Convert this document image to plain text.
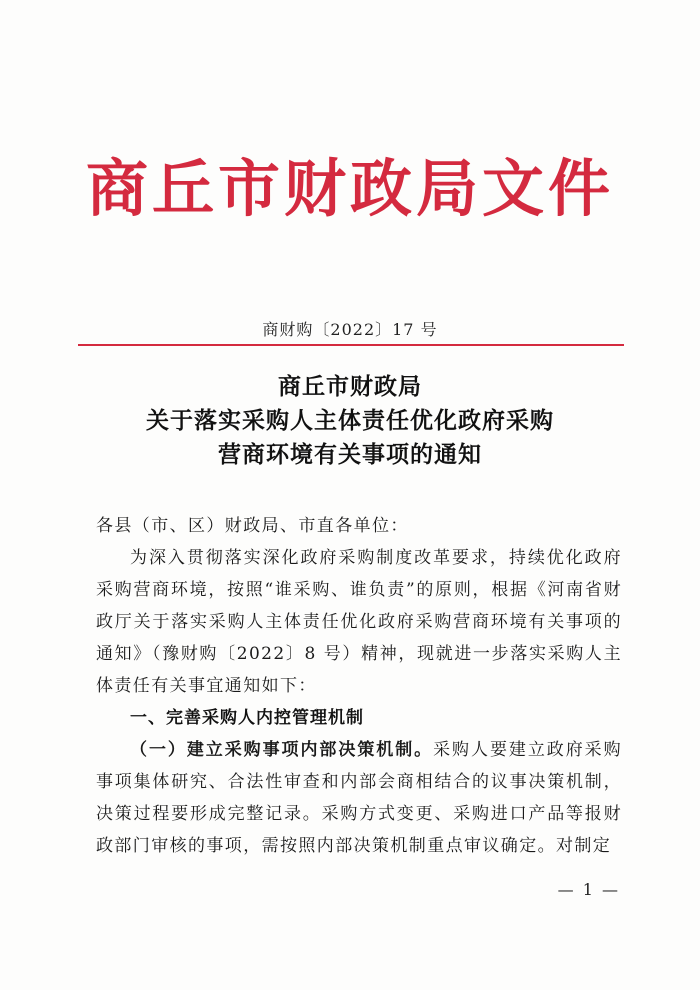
商丘市财政局文件
商财购〔2022〕17 号
商丘市财政局
关于落实采购人主体责任优化政府采购
营商环境有关事项的通知
各县（市、区）财政局、市直各单位：
为深入贯彻落实深化政府采购制度改革要求，持续优化政府采购营商环境，按照“谁采购、谁负责”的原则，根据《河南省财政厅关于落实采购人主体责任优化政府采购营商环境有关事项的通知》（豫财购〔2022〕8 号）精神，现就进一步落实采购人主体责任有关事宜通知如下：
一、完善采购人内控管理机制
（一）建立采购事项内部决策机制。采购人要建立政府采购事项集体研究、合法性审查和内部会商相结合的议事决策机制，决策过程要形成完整记录。采购方式变更、采购进口产品等报财政部门审核的事项，需按照内部决策机制重点审议确定。对制定
— 1 —
